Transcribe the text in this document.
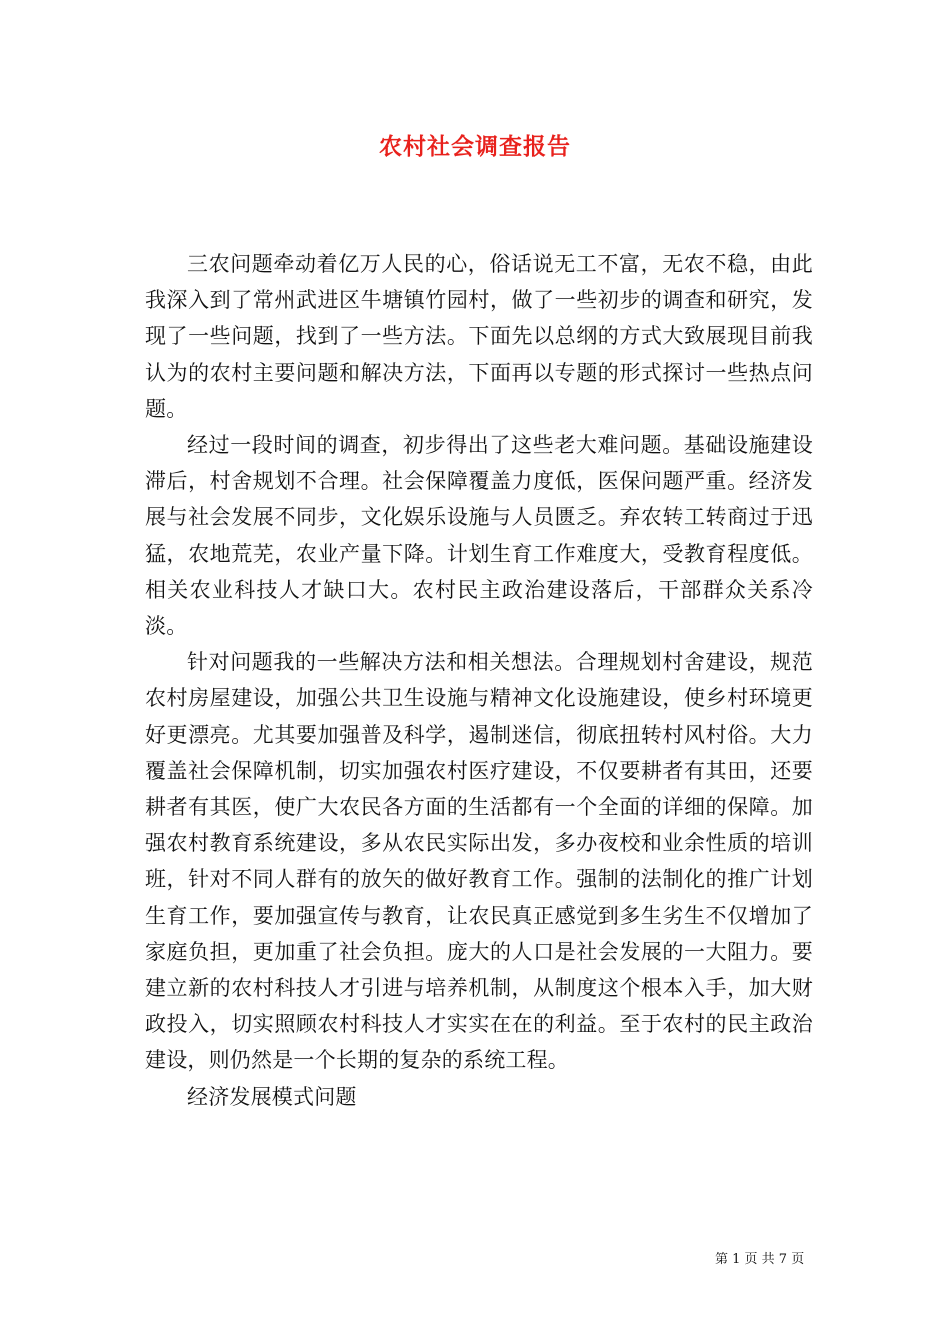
农村社会调查报告

三农问题牵动着亿万人民的心，俗话说无工不富，无农不稳，由此我深入到了常州武进区牛塘镇竹园村，做了一些初步的调查和研究，发现了一些问题，找到了一些方法。下面先以总纲的方式大致展现目前我认为的农村主要问题和解决方法，下面再以专题的形式探讨一些热点问题。

经过一段时间的调查，初步得出了这些老大难问题。基础设施建设滞后，村舍规划不合理。社会保障覆盖力度低，医保问题严重。经济发展与社会发展不同步，文化娱乐设施与人员匮乏。弃农转工转商过于迅猛，农地荒芜，农业产量下降。计划生育工作难度大，受教育程度低。相关农业科技人才缺口大。农村民主政治建设落后，干部群众关系冷淡。

针对问题我的一些解决方法和相关想法。合理规划村舍建设，规范农村房屋建设，加强公共卫生设施与精神文化设施建设，使乡村环境更好更漂亮。尤其要加强普及科学，遏制迷信，彻底扭转村风村俗。大力覆盖社会保障机制，切实加强农村医疗建设，不仅要耕者有其田，还要耕者有其医，使广大农民各方面的生活都有一个全面的详细的保障。加强农村教育系统建设，多从农民实际出发，多办夜校和业余性质的培训班，针对不同人群有的放矢的做好教育工作。强制的法制化的推广计划生育工作，要加强宣传与教育，让农民真正感觉到多生劣生不仅增加了家庭负担，更加重了社会负担。庞大的人口是社会发展的一大阻力。要建立新的农村科技人才引进与培养机制，从制度这个根本入手，加大财政投入，切实照顾农村科技人才实实在在的利益。至于农村的民主政治建设，则仍然是一个长期的复杂的系统工程。

经济发展模式问题

第 1 页 共 7 页
